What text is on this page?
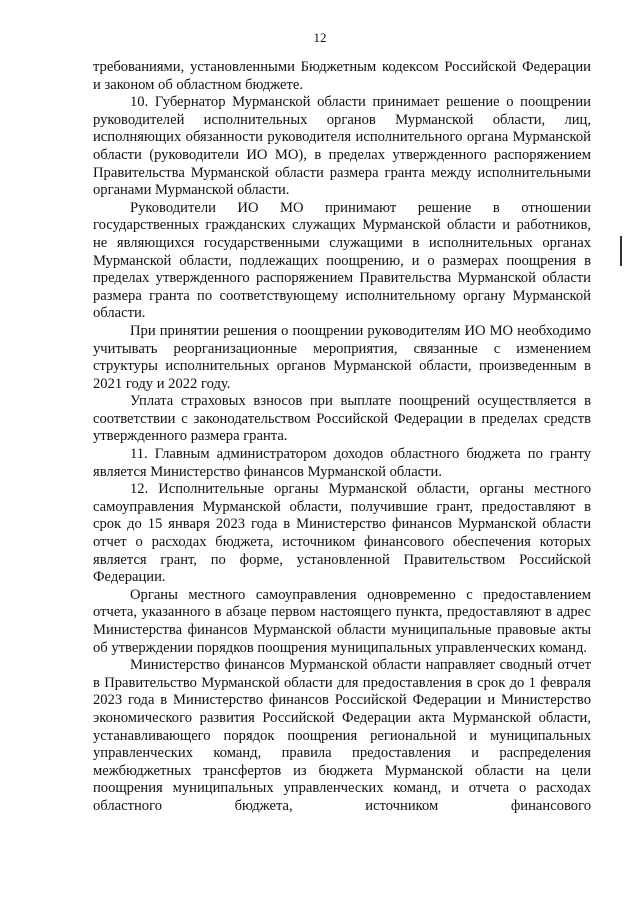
12

требованиями, установленными Бюджетным кодексом Российской Федерации и законом об областном бюджете.

10. Губернатор Мурманской области принимает решение о поощрении руководителей исполнительных органов Мурманской области, лиц, исполняющих обязанности руководителя исполнительного органа Мурманской области (руководители ИО МО), в пределах утвержденного распоряжением Правительства Мурманской области размера гранта между исполнительными органами Мурманской области.

Руководители ИО МО принимают решение в отношении государственных гражданских служащих Мурманской области и работников, не являющихся государственными служащими в исполнительных органах Мурманской области, подлежащих поощрению, и о размерах поощрения в пределах утвержденного распоряжением Правительства Мурманской области размера гранта по соответствующему исполнительному органу Мурманской области.

При принятии решения о поощрении руководителям ИО МО необходимо учитывать реорганизационные мероприятия, связанные с изменением структуры исполнительных органов Мурманской области, произведенным в 2021 году и 2022 году.

Уплата страховых взносов при выплате поощрений осуществляется в соответствии с законодательством Российской Федерации в пределах средств утвержденного размера гранта.

11. Главным администратором доходов областного бюджета по гранту является Министерство финансов Мурманской области.

12. Исполнительные органы Мурманской области, органы местного самоуправления Мурманской области, получившие грант, предоставляют в срок до 15 января 2023 года в Министерство финансов Мурманской области отчет о расходах бюджета, источником финансового обеспечения которых является грант, по форме, установленной Правительством Российской Федерации.

Органы местного самоуправления одновременно с предоставлением отчета, указанного в абзаце первом настоящего пункта, предоставляют в адрес Министерства финансов Мурманской области муниципальные правовые акты об утверждении порядков поощрения муниципальных управленческих команд.

Министерство финансов Мурманской области направляет сводный отчет в Правительство Мурманской области для предоставления в срок до 1 февраля 2023 года в Министерство финансов Российской Федерации и Министерство экономического развития Российской Федерации акта Мурманской области, устанавливающего порядок поощрения региональной и муниципальных управленческих команд, правила предоставления и распределения межбюджетных трансфертов из бюджета Мурманской области на цели поощрения муниципальных управленческих команд, и отчета о расходах областного бюджета, источником финансового
